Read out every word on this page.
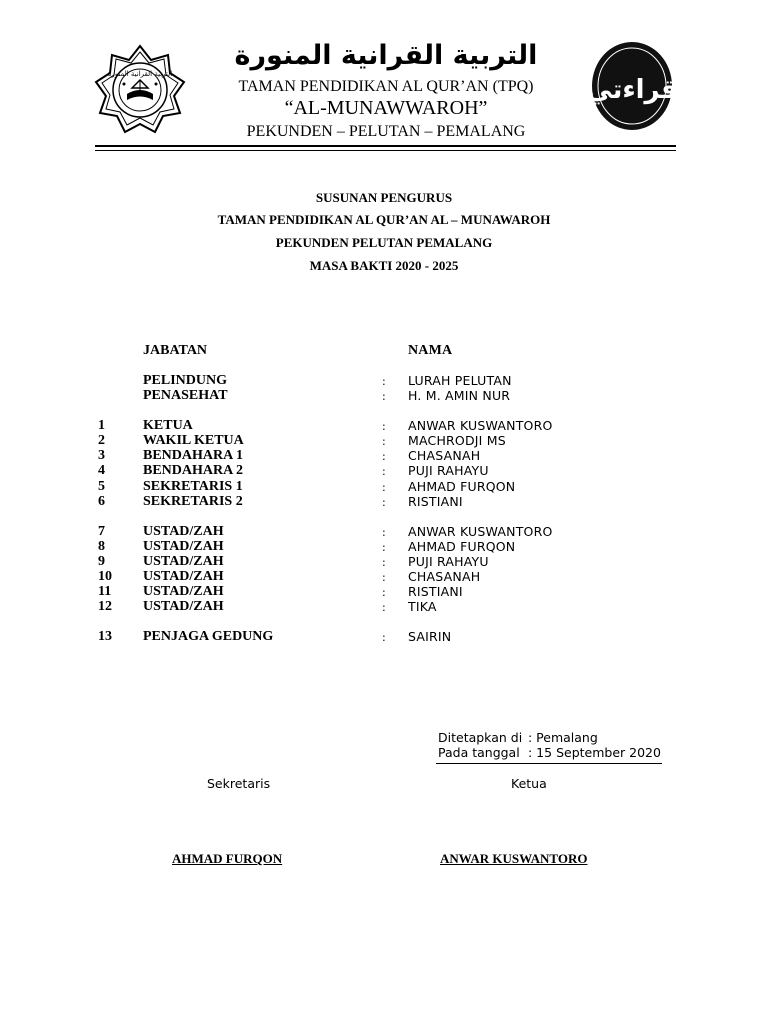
التربية القرانية المنورة
التربية القرانية المنورة
TAMAN PENDIDIKAN AL QUR’AN (TPQ)
“AL-MUNAWWAROH”
PEKUNDEN – PELUTAN – PEMALANG
قراءتي
SUSUNAN PENGURUS
TAMAN PENDIDIKAN AL QUR’AN AL – MUNAWAROH
PEKUNDEN PELUTAN PEMALANG
MASA BAKTI 2020 - 2025
JABATAN	NAMA
PELINDUNG	: LURAH PELUTAN
PENASEHAT	: H. M. AMIN NUR
1	KETUA	: ANWAR KUSWANTORO
2	WAKIL KETUA	: MACHRODJI MS
3	BENDAHARA 1	: CHASANAH
4	BENDAHARA 2	: PUJI RAHAYU
5	SEKRETARIS 1	: AHMAD FURQON
6	SEKRETARIS 2	: RISTIANI
7	USTAD/ZAH	: ANWAR KUSWANTORO
8	USTAD/ZAH	: AHMAD FURQON
9	USTAD/ZAH	: PUJI RAHAYU
10 USTAD/ZAH	: CHASANAH
11 USTAD/ZAH	: RISTIANI
12 USTAD/ZAH	: TIKA
13 PENJAGA GEDUNG	: SAIRIN
Ditetapkan di : Pemalang
Pada tanggal : 15 September 2020
Sekretaris	Ketua
AHMAD FURQON	ANWAR KUSWANTORO
